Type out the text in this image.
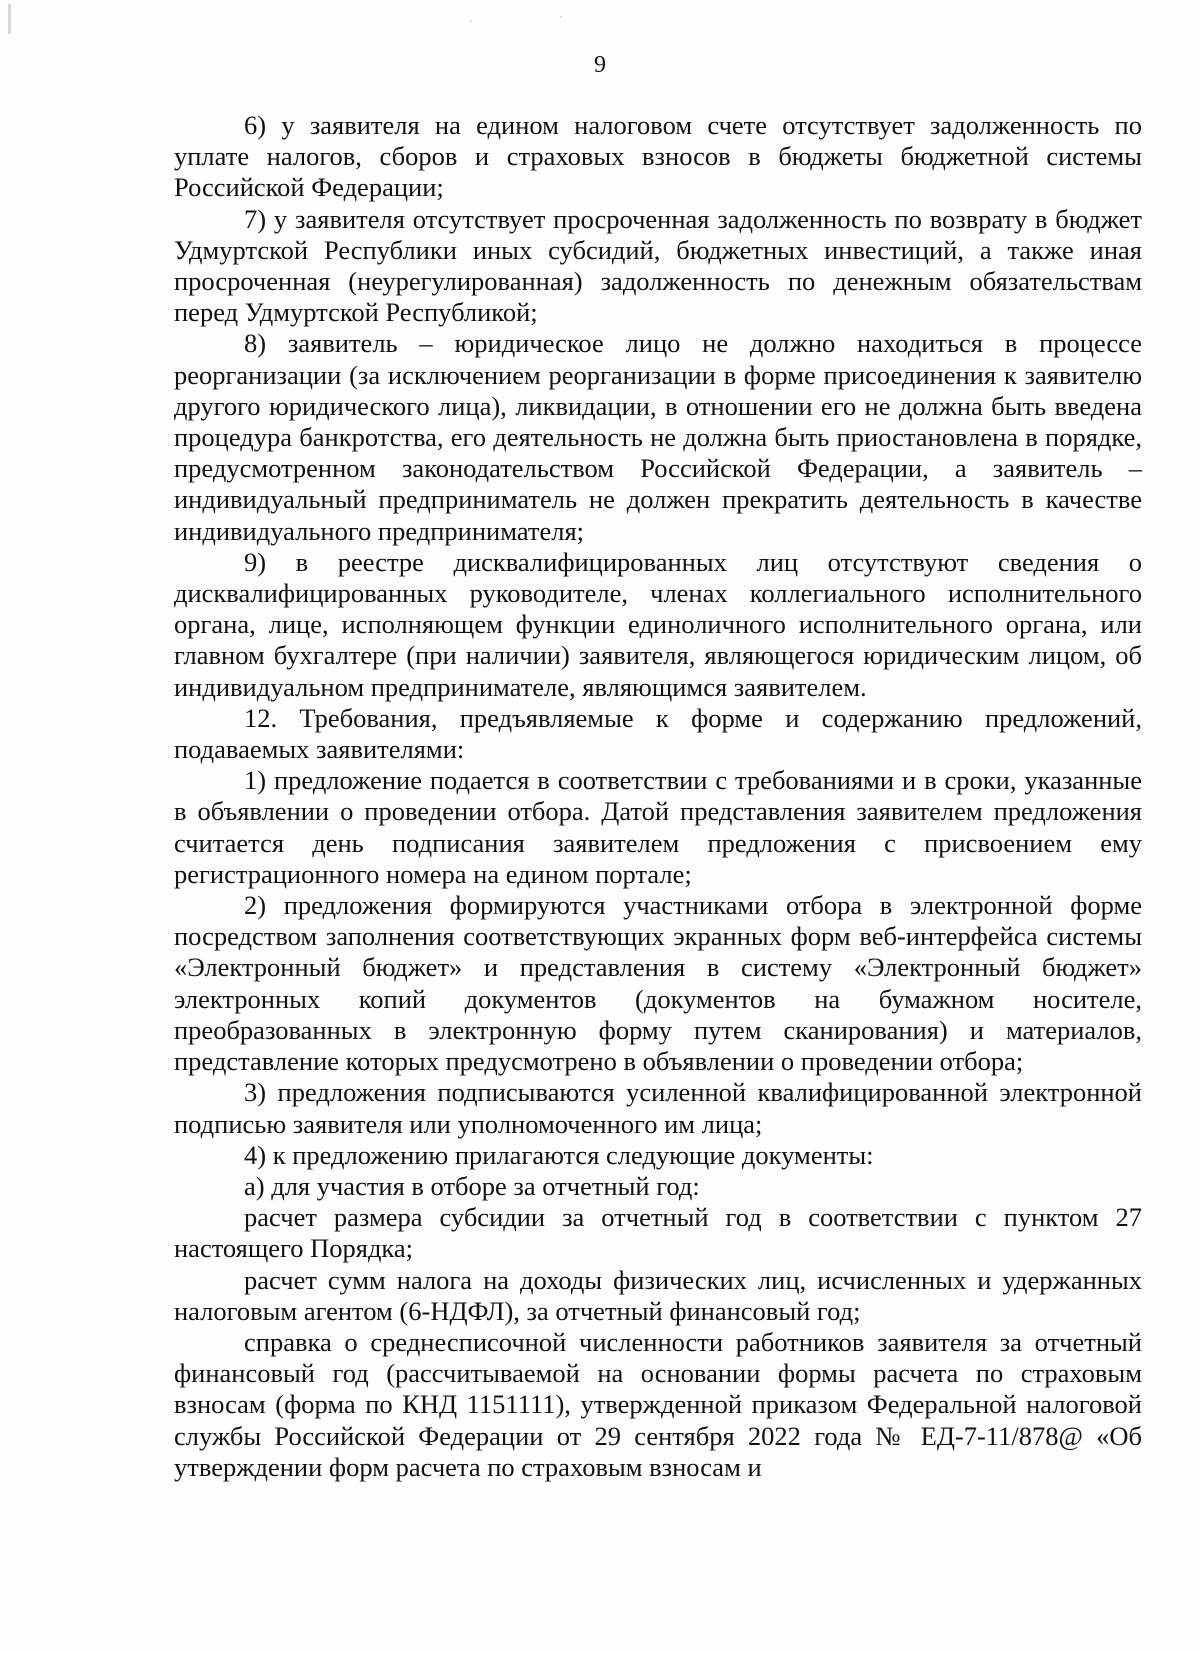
9

6) у заявителя на едином налоговом счете отсутствует задолженность по уплате налогов, сборов и страховых взносов в бюджеты бюджетной системы Российской Федерации;

7) у заявителя отсутствует просроченная задолженность по возврату в бюджет Удмуртской Республики иных субсидий, бюджетных инвестиций, а также иная просроченная (неурегулированная) задолженность по денежным обязательствам перед Удмуртской Республикой;

8) заявитель – юридическое лицо не должно находиться в процессе реорганизации (за исключением реорганизации в форме присоединения к заявителю другого юридического лица), ликвидации, в отношении его не должна быть введена процедура банкротства, его деятельность не должна быть приостановлена в порядке, предусмотренном законодательством Российской Федерации, а заявитель – индивидуальный предприниматель не должен прекратить деятельность в качестве индивидуального предпринимателя;

9) в реестре дисквалифицированных лиц отсутствуют сведения о дисквалифицированных руководителе, членах коллегиального исполнительного органа, лице, исполняющем функции единоличного исполнительного органа, или главном бухгалтере (при наличии) заявителя, являющегося юридическим лицом, об индивидуальном предпринимателе, являющимся заявителем.

12. Требования, предъявляемые к форме и содержанию предложений, подаваемых заявителями:

1) предложение подается в соответствии с требованиями и в сроки, указанные в объявлении о проведении отбора. Датой представления заявителем предложения считается день подписания заявителем предложения с присвоением ему регистрационного номера на едином портале;

2) предложения формируются участниками отбора в электронной форме посредством заполнения соответствующих экранных форм веб-интерфейса системы «Электронный бюджет» и представления в систему «Электронный бюджет» электронных копий документов (документов на бумажном носителе, преобразованных в электронную форму путем сканирования) и материалов, представление которых предусмотрено в объявлении о проведении отбора;

3) предложения подписываются усиленной квалифицированной электронной подписью заявителя или уполномоченного им лица;

4) к предложению прилагаются следующие документы:

а) для участия в отборе за отчетный год:

расчет размера субсидии за отчетный год в соответствии с пунктом 27 настоящего Порядка;

расчет сумм налога на доходы физических лиц, исчисленных и удержанных налоговым агентом (6-НДФЛ), за отчетный финансовый год;

справка о среднесписочной численности работников заявителя за отчетный финансовый год (рассчитываемой на основании формы расчета по страховым взносам (форма по КНД 1151111), утвержденной приказом Федеральной налоговой службы Российской Федерации от 29 сентября 2022 года № ЕД-7-11/878@ «Об утверждении форм расчета по страховым взносам и
